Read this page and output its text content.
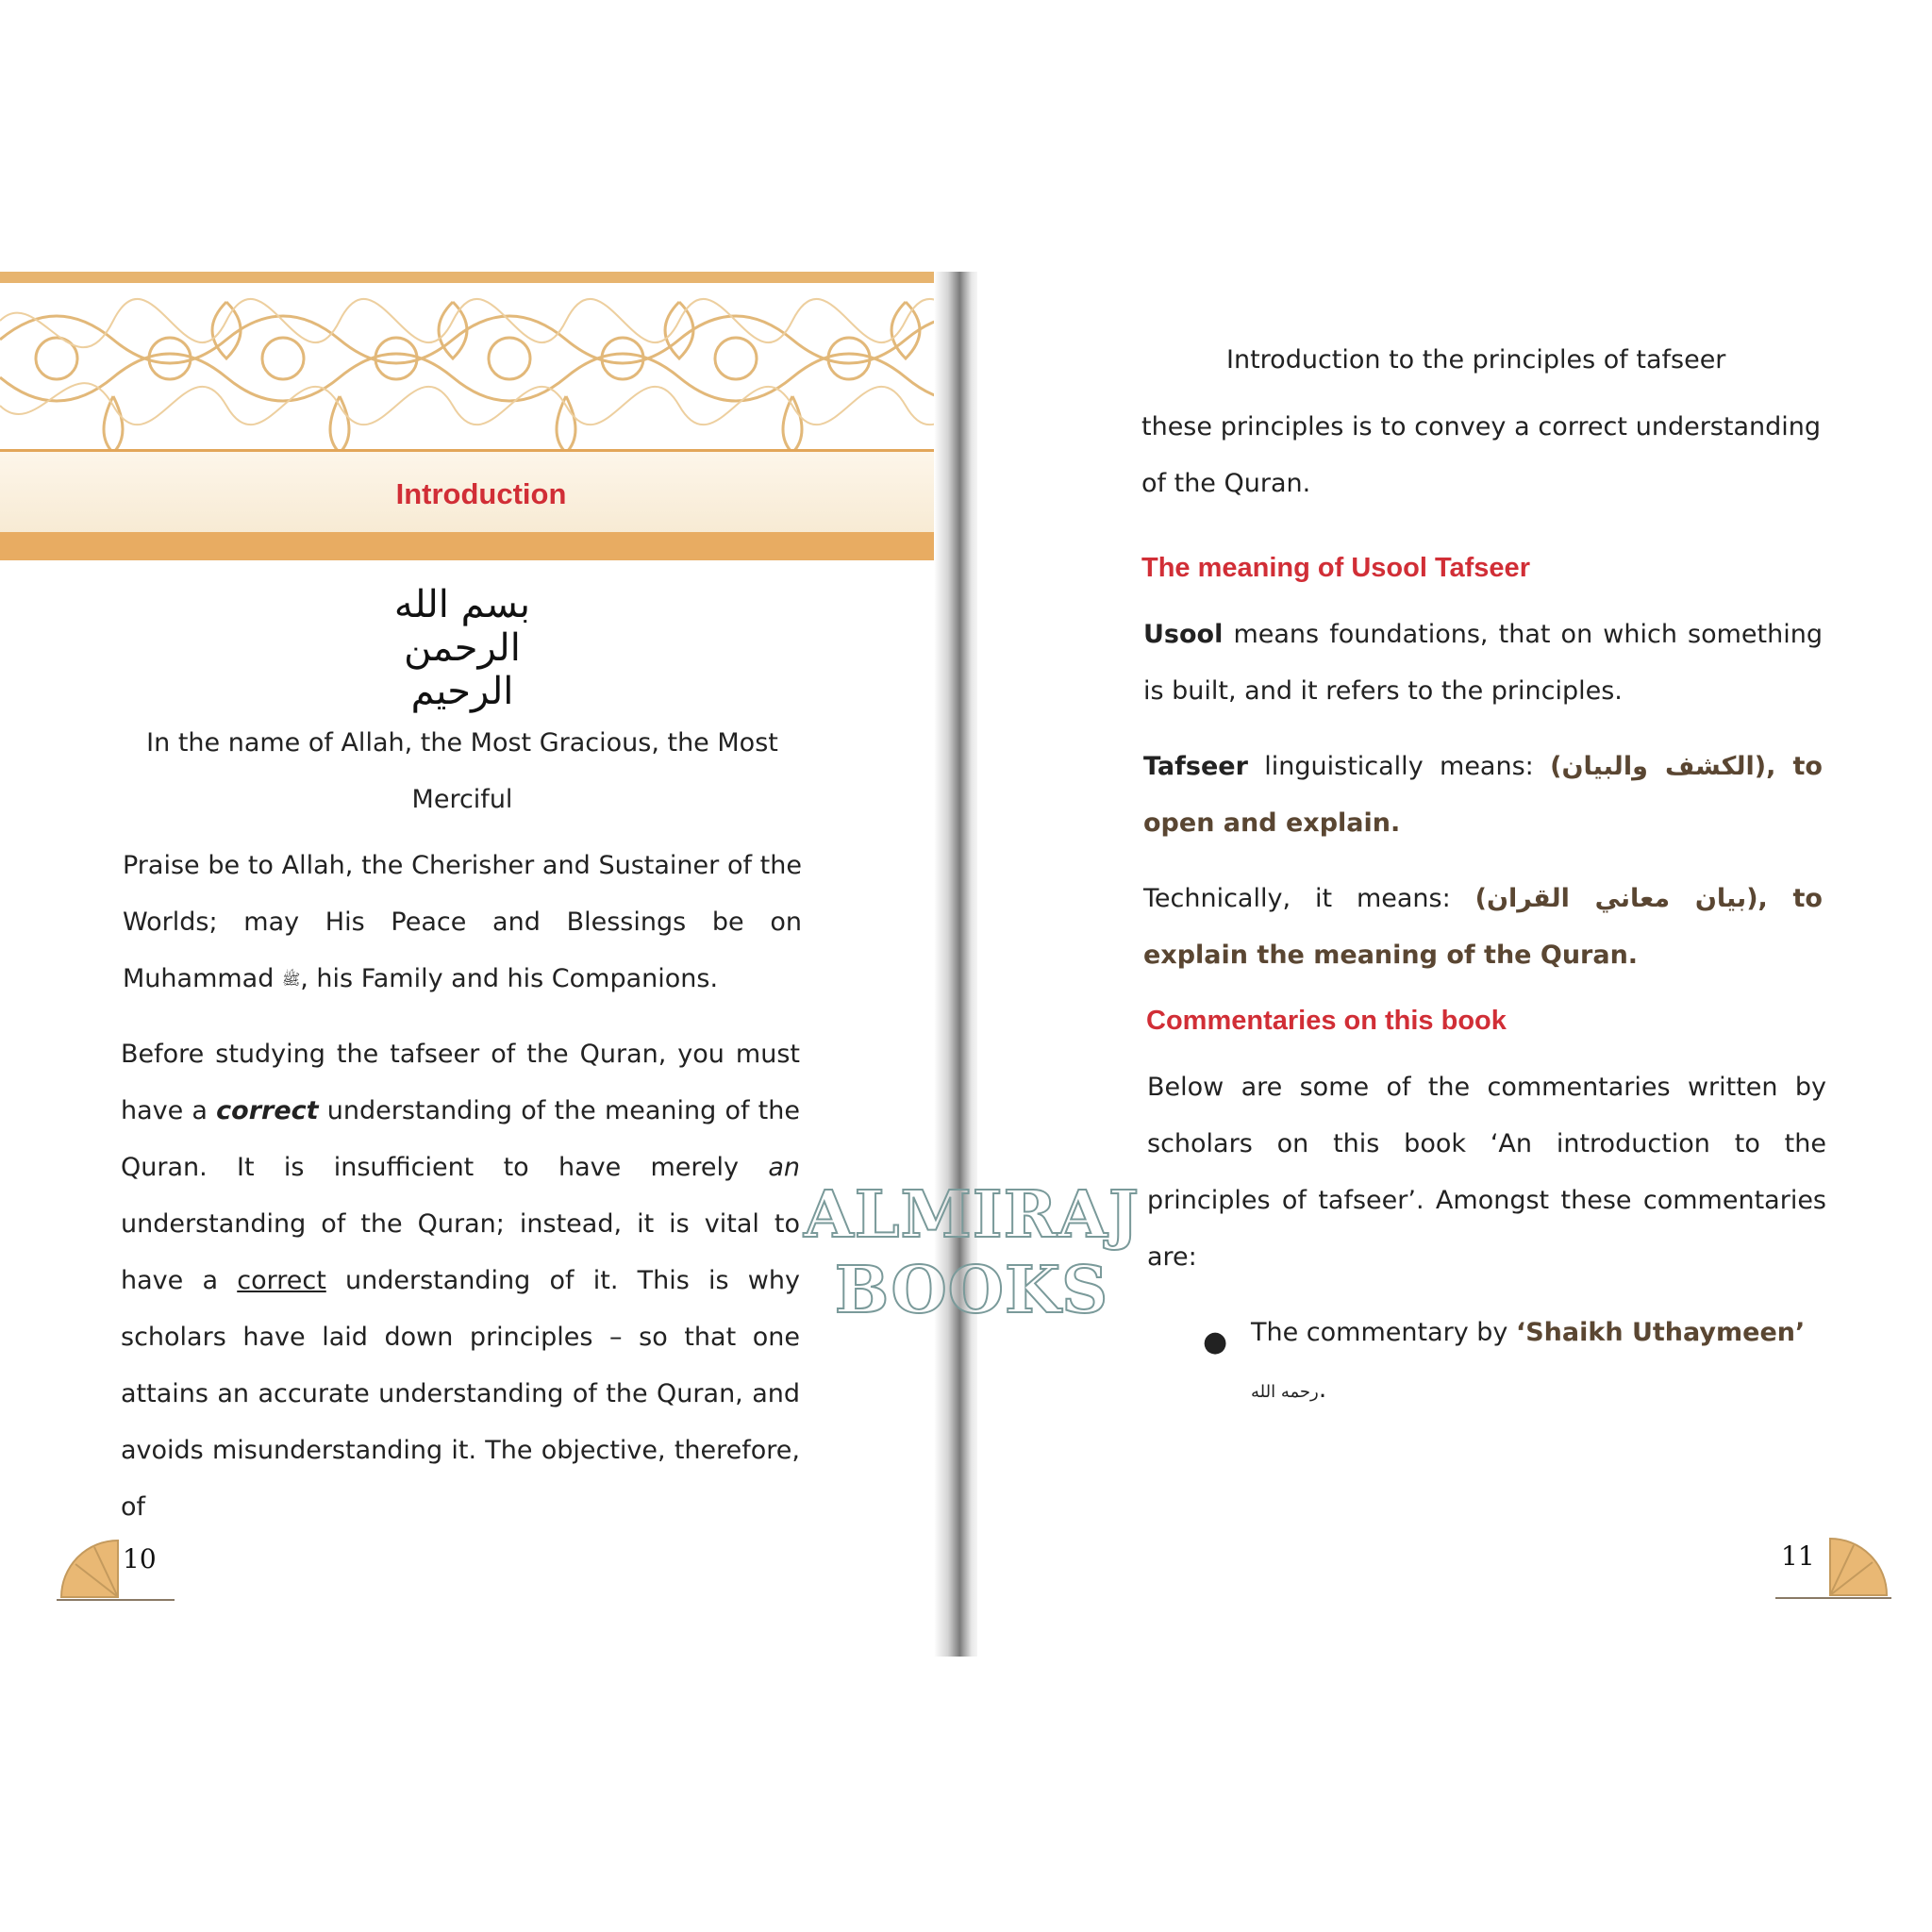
Introduction
بسم الله الرحمن الرحيم
In the name of Allah, the Most Gracious, the Most Merciful
Praise be to Allah, the Cherisher and Sustainer of the Worlds; may His Peace and Blessings be on Muhammad ﷺ, his Family and his Companions.
Before studying the tafseer of the Quran, you must have a correct understanding of the meaning of the Quran. It is insufficient to have merely an understanding of the Quran; instead, it is vital to have a correct understanding of it. This is why scholars have laid down principles – so that one attains an accurate understanding of the Quran, and avoids misunderstanding it. The objective, therefore, of
10
Introduction to the principles of tafseer
these principles is to convey a correct understanding of the Quran.
The meaning of Usool Tafseer
Usool means foundations, that on which something is built, and it refers to the principles.
Tafseer linguistically means: (الكشف والبيان), to open and explain.
Technically, it means: (بيان معاني القران), to explain the meaning of the Quran.
Commentaries on this book
Below are some of the commentaries written by scholars on this book ‘An introduction to the principles of tafseer’. Amongst these commentaries are:
● The commentary by ‘Shaikh Uthaymeen’
رحمه الله.
11
ALMIRAJ BOOKS
